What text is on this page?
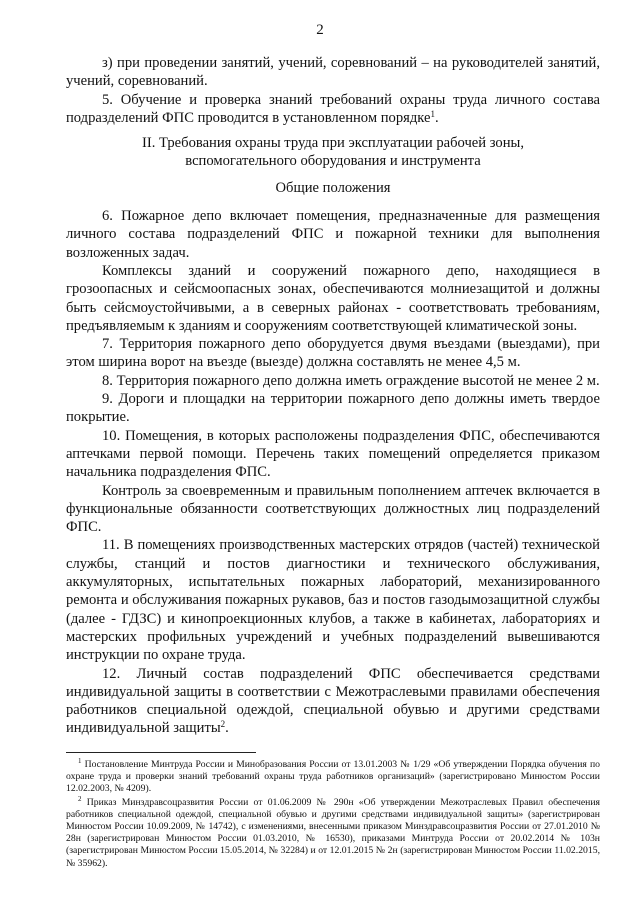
2

з) при проведении занятий, учений, соревнований – на руководителей занятий, учений, соревнований.

5. Обучение и проверка знаний требований охраны труда личного состава подразделений ФПС проводится в установленном порядке$^1$.

II. Требования охраны труда при эксплуатации рабочей зоны,
вспомогательного оборудования и инструмента

Общие положения

6. Пожарное депо включает помещения, предназначенные для размещения личного состава подразделений ФПС и пожарной техники для выполнения возложенных задач.

Комплексы зданий и сооружений пожарного депо, находящиеся в грозоопасных и сейсмоопасных зонах, обеспечиваются молниезащитой и должны быть сейсмоустойчивыми, а в северных районах - соответствовать требованиям, предъявляемым к зданиям и сооружениям соответствующей климатической зоны.

7. Территория пожарного депо оборудуется двумя въездами (выездами), при этом ширина ворот на въезде (выезде) должна составлять не менее 4,5 м.

8. Территория пожарного депо должна иметь ограждение высотой не менее 2 м.

9. Дороги и площадки на территории пожарного депо должны иметь твердое покрытие.

10. Помещения, в которых расположены подразделения ФПС, обеспечиваются аптечками первой помощи. Перечень таких помещений определяется приказом начальника подразделения ФПС.

Контроль за своевременным и правильным пополнением аптечек включается в функциональные обязанности соответствующих должностных лиц подразделений ФПС.

11. В помещениях производственных мастерских отрядов (частей) технической службы, станций и постов диагностики и технического обслуживания, аккумуляторных, испытательных пожарных лабораторий, механизированного ремонта и обслуживания пожарных рукавов, баз и постов газодымозащитной службы (далее - ГДЗС) и кинопроекционных клубов, а также в кабинетах, лабораториях и мастерских профильных учреждений и учебных подразделений вывешиваются инструкции по охране труда.

12. Личный состав подразделений ФПС обеспечивается средствами индивидуальной защиты в соответствии с Межотраслевыми правилами обеспечения работников специальной одеждой, специальной обувью и другими средствами индивидуальной защиты$^2$.

$^1$ Постановление Минтруда России и Минобразования России от 13.01.2003 № 1/29 «Об утверждении Порядка обучения по охране труда и проверки знаний требований охраны труда работников организаций» (зарегистрировано Минюстом России 12.02.2003, № 4209).

$^2$ Приказ Минздравсоцразвития России от 01.06.2009 № 290н «Об утверждении Межотраслевых Правил обеспечения работников специальной одеждой, специальной обувью и другими средствами индивидуальной защиты» (зарегистрирован Минюстом России 10.09.2009, № 14742), с изменениями, внесенными приказом Минздравсоцразвития России от 27.01.2010 № 28н (зарегистрирован Минюстом России 01.03.2010, № 16530), приказами Минтруда России от 20.02.2014 № 103н (зарегистрирован Минюстом России 15.05.2014, № 32284) и от 12.01.2015 № 2н (зарегистрирован Минюстом России 11.02.2015, № 35962).
